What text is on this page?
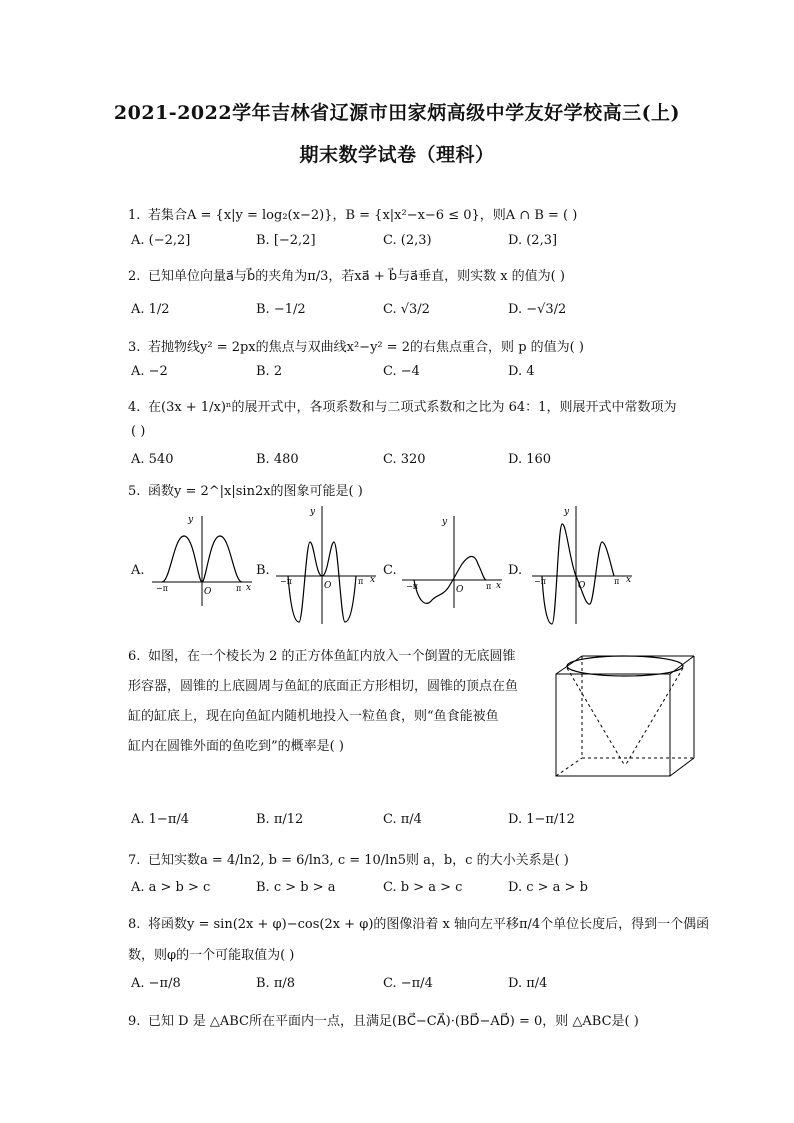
2021-2022学年吉林省辽源市田家炳高级中学友好学校高三(上)
期末数学试卷（理科）
1. 若集合A = {x|y = log₂(x−2)}，B = {x|x²−x−6 ≤ 0}，则A ∩ B = ( )
A. (−2,2]	B. [−2,2]	C. (2,3)	D. (2,3]
2. 已知单位向量a⃗与b⃗的夹角为π/3，若xa⃗ + b⃗与a⃗垂直，则实数 x 的值为( )
A. 1/2	B. −1/2	C. √3/2	D. −√3/2
3. 若抛物线y² = 2px的焦点与双曲线x²−y² = 2的右焦点重合，则 p 的值为( )
A. −2	B. 2	C. −4	D. 4
4. 在(3x + 1/x)ⁿ的展开式中，各项系数和与二项式系数和之比为 64：1，则展开式中常数项为
( )
A. 540	B. 480	C. 320	D. 160
5. 函数y = 2^|x|sin2x的图象可能是( )
A.	B.	C.	D.
y
x
O
−π	π
y
x
O
−π	π
y
x
O
−π	π
y
x
O
−π	π
6. 如图，在一个棱长为 2 的正方体鱼缸内放入一个倒置的无底圆锥
形容器，圆锥的上底圆周与鱼缸的底面正方形相切，圆锥的顶点在鱼
缸的缸底上，现在向鱼缸内随机地投入一粒鱼食，则“鱼食能被鱼
缸内在圆锥外面的鱼吃到”的概率是( )
A. 1−π/4	B. π/12	C. π/4	D. 1−π/12
7. 已知实数a = 4/ln2, b = 6/ln3, c = 10/ln5则 a，b，c 的大小关系是( )
A. a > b > c	B. c > b > a	C. b > a > c	D. c > a > b
8. 将函数y = sin(2x + φ)−cos(2x + φ)的图像沿着 x 轴向左平移π/4个单位长度后，得到一个偶函
数，则φ的一个可能取值为( )
A. −π/8	B. π/8	C. −π/4	D. π/4
9. 已知 D 是 △ABC所在平面内一点，且满足(BC⃗−CA⃗)·(BD⃗−AD⃗) = 0，则 △ABC是( )
